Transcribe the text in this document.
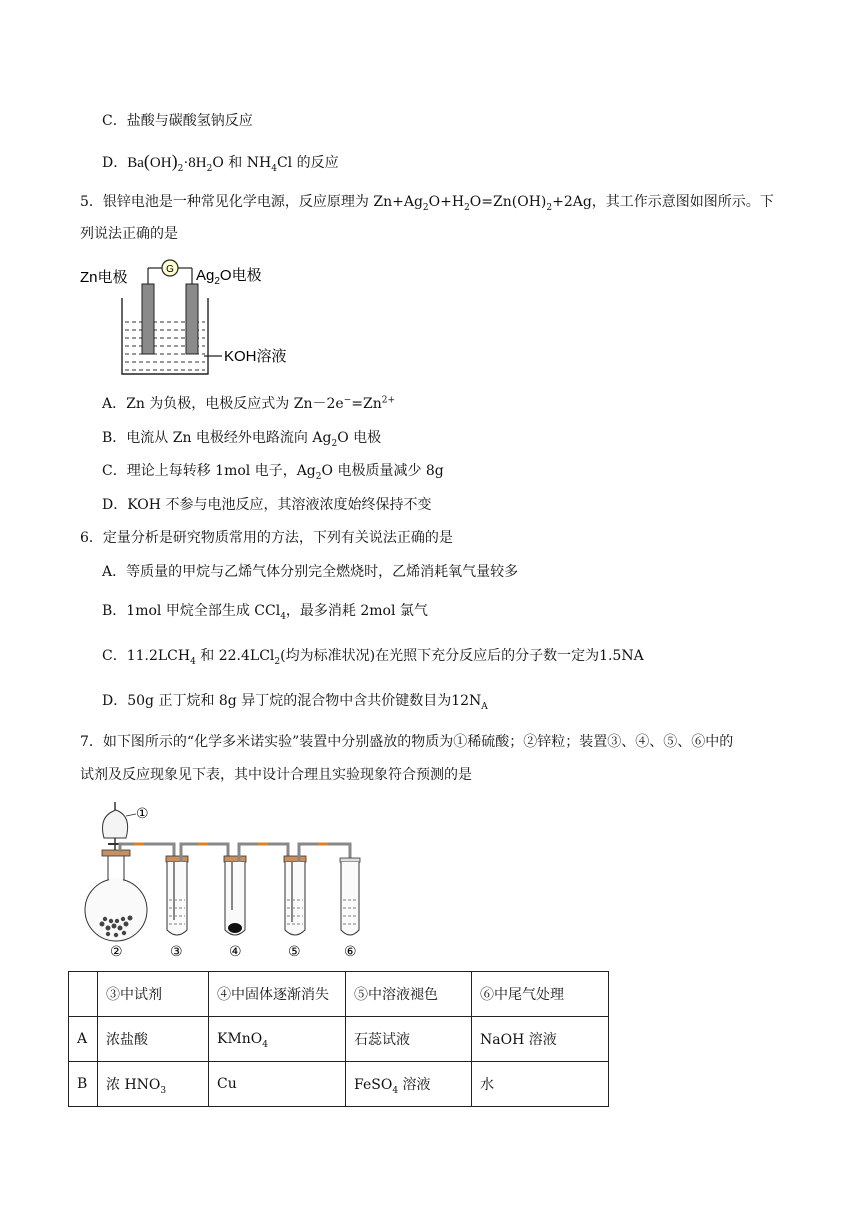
C．盐酸与碳酸氢钠反应
D．$Ba(OH)_2\cdot 8H_2O$ 和 $NH_4Cl$ 的反应
5．银锌电池是一种常见化学电源，反应原理为 $Zn+Ag_2O+H_2O=Zn(OH)_2+2Ag$，其工作示意图如图所示。下
列说法正确的是
G
Zn电极	$Ag_2O$电极
KOH溶液
A．Zn 为负极，电极反应式为 $Zn-2e^-=Zn^{2+}$
B．电流从 Zn 电极经外电路流向 $Ag_2O$ 电极
C．理论上每转移 1mol 电子，$Ag_2O$ 电极质量减少 8g
D．KOH 不参与电池反应，其溶液浓度始终保持不变
6．定量分析是研究物质常用的方法，下列有关说法正确的是
A．等质量的甲烷与乙烯气体分别完全燃烧时，乙烯消耗氧气量较多
B．1mol 甲烷全部生成 CCl$_4$，最多消耗 2mol 氯气
C．$11.2LCH_4$ 和 22.4LCl$_2$(均为标准状况)在光照下充分反应后的分子数一定为1.5NA
D．50g 正丁烷和 8g 异丁烷的混合物中含共价键数目为$12N_A$
7．如下图所示的“化学多米诺实验”装置中分别盛放的物质为①稀硫酸；②锌粒；装置③、④、⑤、⑥中的
试剂及反应现象见下表，其中设计合理且实验现象符合预测的是
①
②	③	④	⑤	⑥
	③中试剂	④中固体逐渐消失	⑤中溶液褪色	⑥中尾气处理
A	浓盐酸	KMnO$_4$	石蕊试液	NaOH 溶液
B	浓 $HNO_3$	Cu	FeSO$_4$ 溶液	水
